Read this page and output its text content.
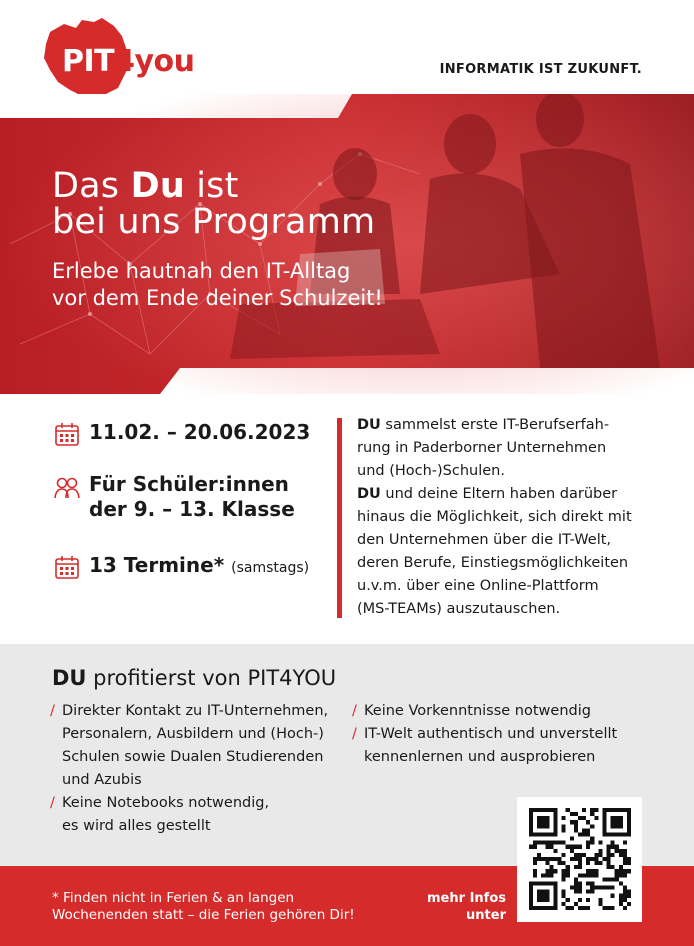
PIT4you	INFORMATIK IST ZUKUNFT.
Das Du ist
bei uns Programm
Erlebe hautnah den IT-Alltag
vor dem Ende deiner Schulzeit!
11.02. – 20.06.2023
Für Schüler:innen
der 9. – 13. Klasse
13 Termine* (samstags)
DU sammelst erste IT-Berufserfah-
rung in Paderborner Unternehmen
und (Hoch-)Schulen.
DU und deine Eltern haben darüber
hinaus die Möglichkeit, sich direkt mit
den Unternehmen über die IT-Welt,
deren Berufe, Einstiegsmöglichkeiten
u.v.m. über eine Online-Plattform
(MS-TEAMs) auszutauschen.
DU profitierst von PIT4YOU
/ Direkter Kontakt zu IT-Unternehmen,
Personalern, Ausbildern und (Hoch-)
Schulen sowie Dualen Studierenden
und Azubis
/ Keine Notebooks notwendig,
es wird alles gestellt
/ Keine Vorkenntnisse notwendig
/ IT-Welt authentisch und unverstellt
kennenlernen und ausprobieren
* Finden nicht in Ferien & an langen
Wochenenden statt – die Ferien gehören Dir!
mehr Infos
unter
